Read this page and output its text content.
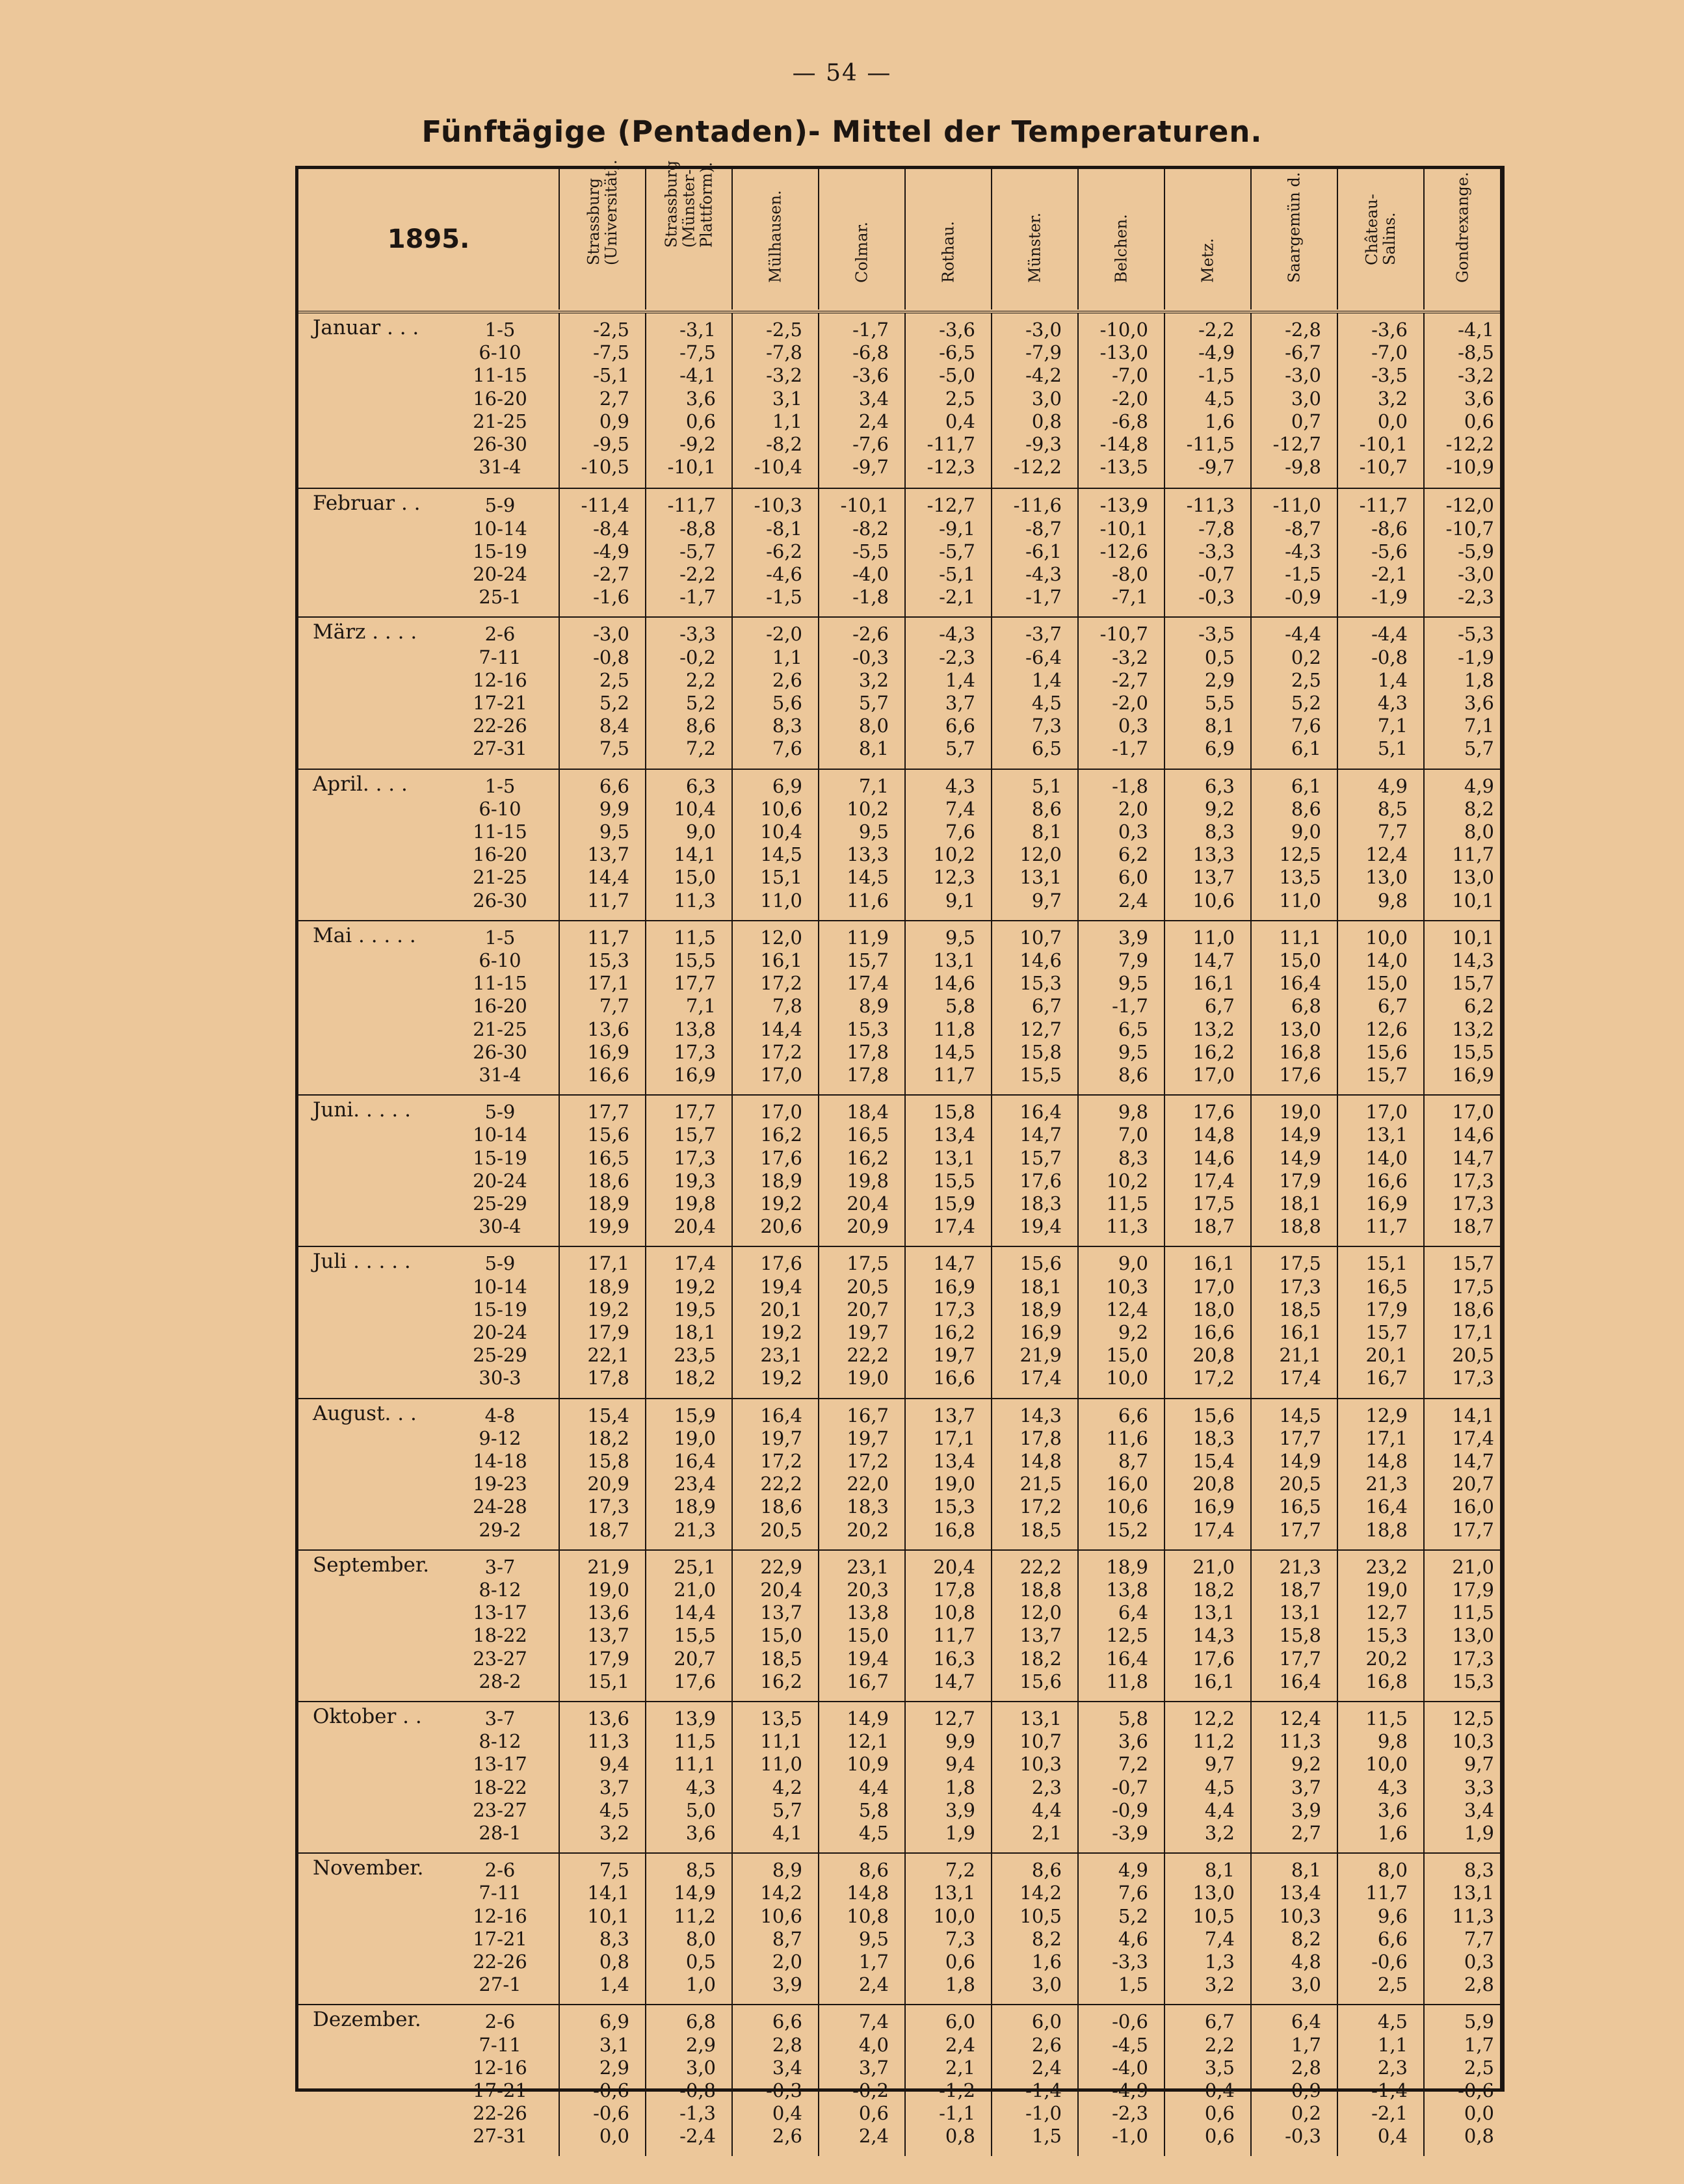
— 54 —
Fünftägige (Pentaden)- Mittel der Temperaturen.
1895.	Strassburg
(Universität).	Strassburg
(Münster-
Plattform).	Mülhausen.	Colmar.	Rothau.	Münster.	Belchen.	Metz.	Saargemün d.	Château-
Salins.	Gondrexange.
Januar . . .	1-5	-2,5	-3,1	-2,5	-1,7	-3,6	-3,0	-10,0	-2,2	-2,8	-3,6	-4,1
6-10	-7,5	-7,5	-7,8	-6,8	-6,5	-7,9	-13,0	-4,9	-6,7	-7,0	-8,5
11-15	-5,1	-4,1	-3,2	-3,6	-5,0	-4,2	-7,0	-1,5	-3,0	-3,5	-3,2
16-20	2,7	3,6	3,1	3,4	2,5	3,0	-2,0	4,5	3,0	3,2	3,6
21-25	0,9	0,6	1,1	2,4	0,4	0,8	-6,8	1,6	0,7	0,0	0,6
26-30	-9,5	-9,2	-8,2	-7,6	-11,7	-9,3	-14,8	-11,5	-12,7	-10,1	-12,2
31-4	-10,5	-10,1	-10,4	-9,7	-12,3	-12,2	-13,5	-9,7	-9,8	-10,7	-10,9
Februar . .	5-9	-11,4	-11,7	-10,3	-10,1	-12,7	-11,6	-13,9	-11,3	-11,0	-11,7	-12,0
10-14	-8,4	-8,8	-8,1	-8,2	-9,1	-8,7	-10,1	-7,8	-8,7	-8,6	-10,7
15-19	-4,9	-5,7	-6,2	-5,5	-5,7	-6,1	-12,6	-3,3	-4,3	-5,6	-5,9
20-24	-2,7	-2,2	-4,6	-4,0	-5,1	-4,3	-8,0	-0,7	-1,5	-2,1	-3,0
25-1	-1,6	-1,7	-1,5	-1,8	-2,1	-1,7	-7,1	-0,3	-0,9	-1,9	-2,3
März . . . .	2-6	-3,0	-3,3	-2,0	-2,6	-4,3	-3,7	-10,7	-3,5	-4,4	-4,4	-5,3
7-11	-0,8	-0,2	1,1	-0,3	-2,3	-6,4	-3,2	0,5	0,2	-0,8	-1,9
12-16	2,5	2,2	2,6	3,2	1,4	1,4	-2,7	2,9	2,5	1,4	1,8
17-21	5,2	5,2	5,6	5,7	3,7	4,5	-2,0	5,5	5,2	4,3	3,6
22-26	8,4	8,6	8,3	8,0	6,6	7,3	0,3	8,1	7,6	7,1	7,1
27-31	7,5	7,2	7,6	8,1	5,7	6,5	-1,7	6,9	6,1	5,1	5,7
April. . . .	1-5	6,6	6,3	6,9	7,1	4,3	5,1	-1,8	6,3	6,1	4,9	4,9
6-10	9,9	10,4	10,6	10,2	7,4	8,6	2,0	9,2	8,6	8,5	8,2
11-15	9,5	9,0	10,4	9,5	7,6	8,1	0,3	8,3	9,0	7,7	8,0
16-20	13,7	14,1	14,5	13,3	10,2	12,0	6,2	13,3	12,5	12,4	11,7
21-25	14,4	15,0	15,1	14,5	12,3	13,1	6,0	13,7	13,5	13,0	13,0
26-30	11,7	11,3	11,0	11,6	9,1	9,7	2,4	10,6	11,0	9,8	10,1
Mai . . . . .	1-5	11,7	11,5	12,0	11,9	9,5	10,7	3,9	11,0	11,1	10,0	10,1
6-10	15,3	15,5	16,1	15,7	13,1	14,6	7,9	14,7	15,0	14,0	14,3
11-15	17,1	17,7	17,2	17,4	14,6	15,3	9,5	16,1	16,4	15,0	15,7
16-20	7,7	7,1	7,8	8,9	5,8	6,7	-1,7	6,7	6,8	6,7	6,2
21-25	13,6	13,8	14,4	15,3	11,8	12,7	6,5	13,2	13,0	12,6	13,2
26-30	16,9	17,3	17,2	17,8	14,5	15,8	9,5	16,2	16,8	15,6	15,5
31-4	16,6	16,9	17,0	17,8	11,7	15,5	8,6	17,0	17,6	15,7	16,9
Juni. . . . .	5-9	17,7	17,7	17,0	18,4	15,8	16,4	9,8	17,6	19,0	17,0	17,0
10-14	15,6	15,7	16,2	16,5	13,4	14,7	7,0	14,8	14,9	13,1	14,6
15-19	16,5	17,3	17,6	16,2	13,1	15,7	8,3	14,6	14,9	14,0	14,7
20-24	18,6	19,3	18,9	19,8	15,5	17,6	10,2	17,4	17,9	16,6	17,3
25-29	18,9	19,8	19,2	20,4	15,9	18,3	11,5	17,5	18,1	16,9	17,3
30-4	19,9	20,4	20,6	20,9	17,4	19,4	11,3	18,7	18,8	11,7	18,7
Juli . . . . .	5-9	17,1	17,4	17,6	17,5	14,7	15,6	9,0	16,1	17,5	15,1	15,7
10-14	18,9	19,2	19,4	20,5	16,9	18,1	10,3	17,0	17,3	16,5	17,5
15-19	19,2	19,5	20,1	20,7	17,3	18,9	12,4	18,0	18,5	17,9	18,6
20-24	17,9	18,1	19,2	19,7	16,2	16,9	9,2	16,6	16,1	15,7	17,1
25-29	22,1	23,5	23,1	22,2	19,7	21,9	15,0	20,8	21,1	20,1	20,5
30-3	17,8	18,2	19,2	19,0	16,6	17,4	10,0	17,2	17,4	16,7	17,3
August. . .	4-8	15,4	15,9	16,4	16,7	13,7	14,3	6,6	15,6	14,5	12,9	14,1
9-12	18,2	19,0	19,7	19,7	17,1	17,8	11,6	18,3	17,7	17,1	17,4
14-18	15,8	16,4	17,2	17,2	13,4	14,8	8,7	15,4	14,9	14,8	14,7
19-23	20,9	23,4	22,2	22,0	19,0	21,5	16,0	20,8	20,5	21,3	20,7
24-28	17,3	18,9	18,6	18,3	15,3	17,2	10,6	16,9	16,5	16,4	16,0
29-2	18,7	21,3	20,5	20,2	16,8	18,5	15,2	17,4	17,7	18,8	17,7
September.	3-7	21,9	25,1	22,9	23,1	20,4	22,2	18,9	21,0	21,3	23,2	21,0
8-12	19,0	21,0	20,4	20,3	17,8	18,8	13,8	18,2	18,7	19,0	17,9
13-17	13,6	14,4	13,7	13,8	10,8	12,0	6,4	13,1	13,1	12,7	11,5
18-22	13,7	15,5	15,0	15,0	11,7	13,7	12,5	14,3	15,8	15,3	13,0
23-27	17,9	20,7	18,5	19,4	16,3	18,2	16,4	17,6	17,7	20,2	17,3
28-2	15,1	17,6	16,2	16,7	14,7	15,6	11,8	16,1	16,4	16,8	15,3
Oktober . .	3-7	13,6	13,9	13,5	14,9	12,7	13,1	5,8	12,2	12,4	11,5	12,5
8-12	11,3	11,5	11,1	12,1	9,9	10,7	3,6	11,2	11,3	9,8	10,3
13-17	9,4	11,1	11,0	10,9	9,4	10,3	7,2	9,7	9,2	10,0	9,7
18-22	3,7	4,3	4,2	4,4	1,8	2,3	-0,7	4,5	3,7	4,3	3,3
23-27	4,5	5,0	5,7	5,8	3,9	4,4	-0,9	4,4	3,9	3,6	3,4
28-1	3,2	3,6	4,1	4,5	1,9	2,1	-3,9	3,2	2,7	1,6	1,9
November.	2-6	7,5	8,5	8,9	8,6	7,2	8,6	4,9	8,1	8,1	8,0	8,3
7-11	14,1	14,9	14,2	14,8	13,1	14,2	7,6	13,0	13,4	11,7	13,1
12-16	10,1	11,2	10,6	10,8	10,0	10,5	5,2	10,5	10,3	9,6	11,3
17-21	8,3	8,0	8,7	9,5	7,3	8,2	4,6	7,4	8,2	6,6	7,7
22-26	0,8	0,5	2,0	1,7	0,6	1,6	-3,3	1,3	4,8	-0,6	0,3
27-1	1,4	1,0	3,9	2,4	1,8	3,0	1,5	3,2	3,0	2,5	2,8
Dezember.	2-6	6,9	6,8	6,6	7,4	6,0	6,0	-0,6	6,7	6,4	4,5	5,9
7-11	3,1	2,9	2,8	4,0	2,4	2,6	-4,5	2,2	1,7	1,1	1,7
12-16	2,9	3,0	3,4	3,7	2,1	2,4	-4,0	3,5	2,8	2,3	2,5
17-21	-0,6	-0,8	-0,3	-0,2	-1,2	-1,4	-4,9	0,4	0,9	-1,4	-0,6
22-26	-0,6	-1,3	0,4	0,6	-1,1	-1,0	-2,3	0,6	0,2	-2,1	0,0
27-31	0,0	-2,4	2,6	2,4	0,8	1,5	-1,0	0,6	-0,3	0,4	0,8
